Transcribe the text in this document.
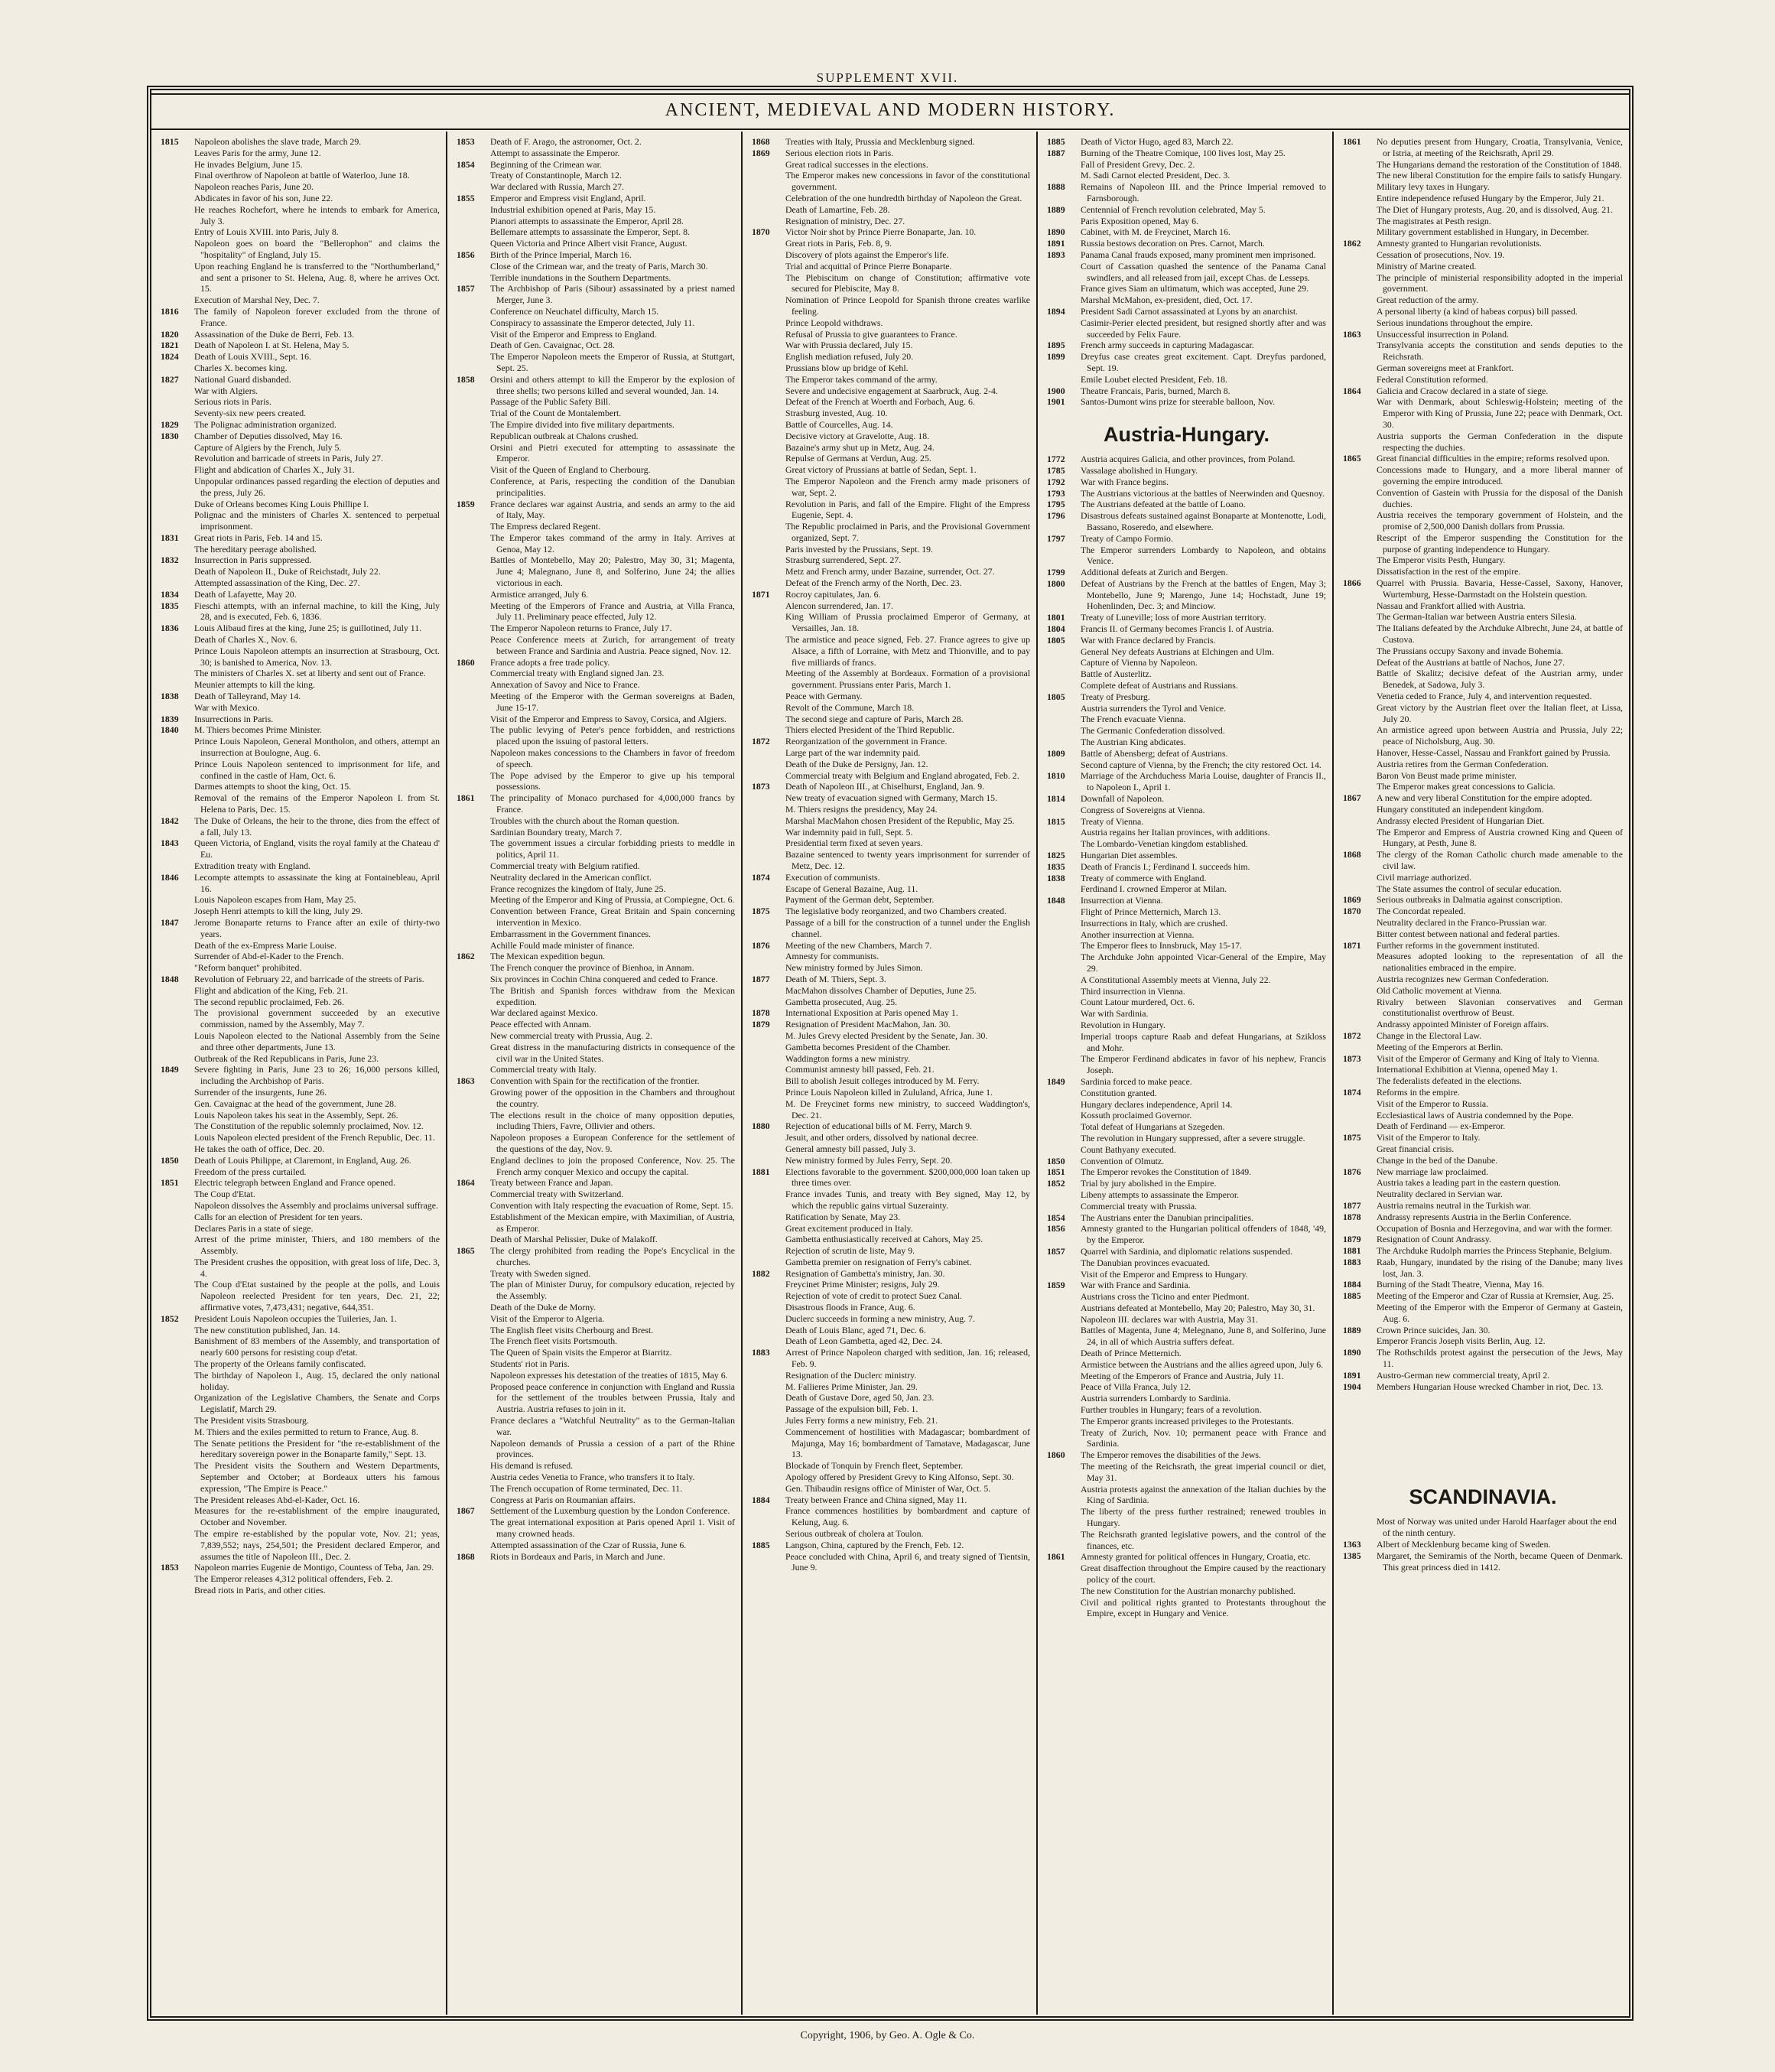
SUPPLEMENT XVII.
ANCIENT, MEDIEVAL AND MODERN HISTORY.
1815 Napoleon abolishes the slave trade, March 29.
Leaves Paris for the army, June 12.
He invades Belgium, June 15.
Final overthrow of Napoleon at battle of Waterloo, June 18.
Napoleon reaches Paris, June 20.
Abdicates in favor of his son, June 22.
He reaches Rochefort, where he intends to embark for America, July 3.
Entry of Louis XVIII. into Paris, July 8.
Napoleon goes on board the "Bellerophon" and claims the "hospitality" of England, July 15.
Upon reaching England he is transferred to the "Northumberland," and sent a prisoner to St. Helena, Aug. 8, where he arrives Oct. 15.
Execution of Marshal Ney, Dec. 7.
1816 The family of Napoleon forever excluded from the throne of France.
1820 Assassination of the Duke de Berri, Feb. 13.
1821 Death of Napoleon I. at St. Helena, May 5.
1824 Death of Louis XVIII., Sept. 16.
Charles X. becomes king.
1827 National Guard disbanded.
War with Algiers.
Serious riots in Paris.
Seventy-six new peers created.
1829 The Polignac administration organized.
1830 Chamber of Deputies dissolved, May 16.
Capture of Algiers by the French, July 5.
Revolution and barricade of streets in Paris, July 27.
Flight and abdication of Charles X., July 31.
Unpopular ordinances passed regarding the election of deputies and the press, July 26.
Duke of Orleans becomes King Louis Phillipe I.
Polignac and the ministers of Charles X. sentenced to perpetual imprisonment.
1831 Great riots in Paris, Feb. 14 and 15.
The hereditary peerage abolished.
1832 Insurrection in Paris suppressed.
Death of Napoleon II., Duke of Reichstadt, July 22.
Attempted assassination of the King, Dec. 27.
1834 Death of Lafayette, May 20.
1835 Fieschi attempts, with an infernal machine, to kill the King, July 28, and is executed, Feb. 6, 1836.
1836 Louis Alibaud fires at the king, June 25; is guillotined, July 11.
Death of Charles X., Nov. 6.
Prince Louis Napoleon attempts an insurrection at Strasbourg, Oct. 30; is banished to America, Nov. 13.
The ministers of Charles X. set at liberty and sent out of France.
Meunier attempts to kill the king.
1838 Death of Talleyrand, May 14.
War with Mexico.
1839 Insurrections in Paris.
1840 M. Thiers becomes Prime Minister.
Prince Louis Napoleon, General Montholon, and others, attempt an insurrection at Boulogne, Aug. 6.
Prince Louis Napoleon sentenced to imprisonment for life, and confined in the castle of Ham, Oct. 6.
Darmes attempts to shoot the king, Oct. 15.
Removal of the remains of the Emperor Napoleon I. from St. Helena to Paris, Dec. 15.
1842 The Duke of Orleans, the heir to the throne, dies from the effect of a fall, July 13.
1843 Queen Victoria, of England, visits the royal family at the Chateau d' Eu.
Extradition treaty with England.
1846 Lecompte attempts to assassinate the king at Fontainebleau, April 16.
Louis Napoleon escapes from Ham, May 25.
Joseph Henri attempts to kill the king, July 29.
1847 Jerome Bonaparte returns to France after an exile of thirty-two years.
Death of the ex-Empress Marie Louise.
Surrender of Abd-el-Kader to the French.
"Reform banquet" prohibited.
1848 Revolution of February 22, and barricade of the streets of Paris.
Flight and abdication of the King, Feb. 21.
The second republic proclaimed, Feb. 26.
The provisional government succeeded by an executive commission, named by the Assembly, May 7.
Louis Napoleon elected to the National Assembly from the Seine and three other departments, June 13.
Outbreak of the Red Republicans in Paris, June 23.
1849 Severe fighting in Paris, June 23 to 26; 16,000 persons killed, including the Archbishop of Paris.
Surrender of the insurgents, June 26.
Gen. Cavaignac at the head of the government, June 28.
Louis Napoleon takes his seat in the Assembly, Sept. 26.
The Constitution of the republic solemnly proclaimed, Nov. 12.
Louis Napoleon elected president of the French Republic, Dec. 11.
He takes the oath of office, Dec. 20.
1850 Death of Louis Philippe, at Claremont, in England, Aug. 26.
Freedom of the press curtailed.
1851 Electric telegraph between England and France opened.
The Coup d'Etat.
Napoleon dissolves the Assembly and proclaims universal suffrage.
Calls for an election of President for ten years.
Declares Paris in a state of siege.
Arrest of the prime minister, Thiers, and 180 members of the Assembly.
The President crushes the opposition, with great loss of life, Dec. 3, 4.
The Coup d'Etat sustained by the people at the polls, and Louis Napoleon reelected President for ten years, Dec. 21, 22; affirmative votes, 7,473,431; negative, 644,351.
1852 President Louis Napoleon occupies the Tuileries, Jan. 1.
The new constitution published, Jan. 14.
Banishment of 83 members of the Assembly, and transportation of nearly 600 persons for resisting coup d'etat.
The property of the Orleans family confiscated.
The birthday of Napoleon I., Aug. 15, declared the only national holiday.
Organization of the Legislative Chambers, the Senate and Corps Legislatif, March 29.
The President visits Strasbourg.
M. Thiers and the exiles permitted to return to France, Aug. 8.
The Senate petitions the President for "the re-establishment of the hereditary sovereign power in the Bonaparte family," Sept. 13.
The President visits the Southern and Western Departments, September and October; at Bordeaux utters his famous expression, "The Empire is Peace."
The President releases Abd-el-Kader, Oct. 16.
Measures for the re-establishment of the empire inaugurated, October and November.
The empire re-established by the popular vote, Nov. 21; yeas, 7,839,552; nays, 254,501; the President declared Emperor, and assumes the title of Napoleon III., Dec. 2.
1853 Napoleon marries Eugenie de Montigo, Countess of Teba, Jan. 29.
The Emperor releases 4,312 political offenders, Feb. 2.
Bread riots in Paris, and other cities.
1853 Death of F. Arago, the astronomer, Oct. 2.
Attempt to assassinate the Emperor.
1854 Beginning of the Crimean war.
Treaty of Constantinople, March 12.
War declared with Russia, March 27.
1855 Emperor and Empress visit England, April.
Industrial exhibition opened at Paris, May 15.
Pianori attempts to assassinate the Emperor, April 28.
Bellemare attempts to assassinate the Emperor, Sept. 8.
Queen Victoria and Prince Albert visit France, August.
1856 Birth of the Prince Imperial, March 16.
Close of the Crimean war, and the treaty of Paris, March 30.
Terrible inundations in the Southern Departments.
1857 The Archbishop of Paris (Sibour) assassinated by a priest named Merger, June 3.
Conference on Neuchatel difficulty, March 15.
Conspiracy to assassinate the Emperor detected, July 11.
Visit of the Emperor and Empress to England.
Death of Gen. Cavaignac, Oct. 28.
The Emperor Napoleon meets the Emperor of Russia, at Stuttgart, Sept. 25.
1858 Orsini and others attempt to kill the Emperor by the explosion of three shells; two persons killed and several wounded, Jan. 14.
Passage of the Public Safety Bill.
Trial of the Count de Montalembert.
The Empire divided into five military departments.
Republican outbreak at Chalons crushed.
Orsini and Pietri executed for attempting to assassinate the Emperor.
Visit of the Queen of England to Cherbourg.
Conference, at Paris, respecting the condition of the Danubian principalities.
1859 France declares war against Austria, and sends an army to the aid of Italy, May.
The Empress declared Regent.
The Emperor takes command of the army in Italy. Arrives at Genoa, May 12.
Battles of Montebello, May 20; Palestro, May 30, 31; Magenta, June 4; Malegnano, June 8, and Solferino, June 24; the allies victorious in each.
Armistice arranged, July 6.
Meeting of the Emperors of France and Austria, at Villa Franca, July 11. Preliminary peace effected, July 12.
The Emperor Napoleon returns to France, July 17.
Peace Conference meets at Zurich, for arrangement of treaty between France and Sardinia and Austria. Peace signed, Nov. 12.
1860 France adopts a free trade policy.
Commercial treaty with England signed Jan. 23.
Annexation of Savoy and Nice to France.
Meeting of the Emperor with the German sovereigns at Baden, June 15-17.
Visit of the Emperor and Empress to Savoy, Corsica, and Algiers.
The public levying of Peter's pence forbidden, and restrictions placed upon the issuing of pastoral letters.
Napoleon makes concessions to the Chambers in favor of freedom of speech.
The Pope advised by the Emperor to give up his temporal possessions.
1861 The principality of Monaco purchased for 4,000,000 francs by France.
Troubles with the church about the Roman question.
Sardinian Boundary treaty, March 7.
The government issues a circular forbidding priests to meddle in politics, April 11.
Commercial treaty with Belgium ratified.
Neutrality declared in the American conflict.
France recognizes the kingdom of Italy, June 25.
Meeting of the Emperor and King of Prussia, at Compiegne, Oct. 6.
Convention between France, Great Britain and Spain concerning intervention in Mexico.
Embarrassment in the Government finances.
Achille Fould made minister of finance.
1862 The Mexican expedition begun.
The French conquer the province of Bienhoa, in Annam.
Six provinces in Cochin China conquered and ceded to France.
The British and Spanish forces withdraw from the Mexican expedition.
War declared against Mexico.
Peace effected with Annam.
New commercial treaty with Prussia, Aug. 2.
Great distress in the manufacturing districts in consequence of the civil war in the United States.
Commercial treaty with Italy.
1863 Convention with Spain for the rectification of the frontier.
Growing power of the opposition in the Chambers and throughout the country.
The elections result in the choice of many opposition deputies, including Thiers, Favre, Ollivier and others.
Napoleon proposes a European Conference for the settlement of the questions of the day, Nov. 9.
England declines to join the proposed Conference, Nov. 25. The French army conquer Mexico and occupy the capital.
1864 Treaty between France and Japan.
Commercial treaty with Switzerland.
Convention with Italy respecting the evacuation of Rome, Sept. 15.
Establishment of the Mexican empire, with Maximilian, of Austria, as Emperor.
Death of Marshal Pelissier, Duke of Malakoff.
1865 The clergy prohibited from reading the Pope's Encyclical in the churches.
Treaty with Sweden signed.
The plan of Minister Duruy, for compulsory education, rejected by the Assembly.
Death of the Duke de Morny.
Visit of the Emperor to Algeria.
The English fleet visits Cherbourg and Brest.
The French fleet visits Portsmouth.
The Queen of Spain visits the Emperor at Biarritz.
Students' riot in Paris.
Napoleon expresses his detestation of the treaties of 1815, May 6.
Proposed peace conference in conjunction with England and Russia for the settlement of the troubles between Prussia, Italy and Austria. Austria refuses to join in it.
France declares a "Watchful Neutrality" as to the German-Italian war.
Napoleon demands of Prussia a cession of a part of the Rhine provinces.
His demand is refused.
Austria cedes Venetia to France, who transfers it to Italy.
The French occupation of Rome terminated, Dec. 11.
Congress at Paris on Roumanian affairs.
1867 Settlement of the Luxemburg question by the London Conference.
The great international exposition at Paris opened April 1. Visit of many crowned heads.
Attempted assassination of the Czar of Russia, June 6.
1868 Riots in Bordeaux and Paris, in March and June.
1868 Treaties with Italy, Prussia and Mecklenburg signed.
1869 Serious election riots in Paris.
Great radical successes in the elections.
The Emperor makes new concessions in favor of the constitutional government.
Celebration of the one hundredth birthday of Napoleon the Great.
Death of Lamartine, Feb. 28.
Resignation of ministry, Dec. 27.
1870 Victor Noir shot by Prince Pierre Bonaparte, Jan. 10.
Great riots in Paris, Feb. 8, 9.
Discovery of plots against the Emperor's life.
Trial and acquittal of Prince Pierre Bonaparte.
The Plebiscitum on change of Constitution; affirmative vote secured for Plebiscite, May 8.
Nomination of Prince Leopold for Spanish throne creates warlike feeling.
Prince Leopold withdraws.
Refusal of Prussia to give guarantees to France.
War with Prussia declared, July 15.
English mediation refused, July 20.
Prussians blow up bridge of Kehl.
The Emperor takes command of the army.
Severe and undecisive engagement at Saarbruck, Aug. 2-4.
Defeat of the French at Woerth and Forbach, Aug. 6.
Strasburg invested, Aug. 10.
Battle of Courcelles, Aug. 14.
Decisive victory at Gravelotte, Aug. 18.
Bazaine's army shut up in Metz, Aug. 24.
Repulse of Germans at Verdun, Aug. 25.
Great victory of Prussians at battle of Sedan, Sept. 1.
The Emperor Napoleon and the French army made prisoners of war, Sept. 2.
Revolution in Paris, and fall of the Empire. Flight of the Empress Eugenie, Sept. 4.
The Republic proclaimed in Paris, and the Provisional Government organized, Sept. 7.
Paris invested by the Prussians, Sept. 19.
Strasburg surrendered, Sept. 27.
Metz and French army, under Bazaine, surrender, Oct. 27.
Defeat of the French army of the North, Dec. 23.
1871 Rocroy capitulates, Jan. 6.
Alencon surrendered, Jan. 17.
King William of Prussia proclaimed Emperor of Germany, at Versailles, Jan. 18.
The armistice and peace signed, Feb. 27. France agrees to give up Alsace, a fifth of Lorraine, with Metz and Thionville, and to pay five milliards of francs.
Meeting of the Assembly at Bordeaux. Formation of a provisional government. Prussians enter Paris, March 1.
Peace with Germany.
Revolt of the Commune, March 18.
The second siege and capture of Paris, March 28.
Thiers elected President of the Third Republic.
1872 Reorganization of the government in France.
Large part of the war indemnity paid.
Death of the Duke de Persigny, Jan. 12.
Commercial treaty with Belgium and England abrogated, Feb. 2.
1873 Death of Napoleon III., at Chiselhurst, England, Jan. 9.
New treaty of evacuation signed with Germany, March 15.
M. Thiers resigns the presidency, May 24.
Marshal MacMahon chosen President of the Republic, May 25.
War indemnity paid in full, Sept. 5.
Presidential term fixed at seven years.
Bazaine sentenced to twenty years imprisonment for surrender of Metz, Dec. 12.
1874 Execution of communists.
Escape of General Bazaine, Aug. 11.
Payment of the German debt, September.
1875 The legislative body reorganized, and two Chambers created.
Passage of a bill for the construction of a tunnel under the English channel.
1876 Meeting of the new Chambers, March 7.
Amnesty for communists.
New ministry formed by Jules Simon.
1877 Death of M. Thiers, Sept. 3.
MacMahon dissolves Chamber of Deputies, June 25.
Gambetta prosecuted, Aug. 25.
1878 International Exposition at Paris opened May 1.
1879 Resignation of President MacMahon, Jan. 30.
M. Jules Grevy elected President by the Senate, Jan. 30.
Gambetta becomes President of the Chamber.
Waddington forms a new ministry.
Communist amnesty bill passed, Feb. 21.
Bill to abolish Jesuit colleges introduced by M. Ferry.
Prince Louis Napoleon killed in Zululand, Africa, June 1.
M. De Freycinet forms new ministry, to succeed Waddington's, Dec. 21.
1880 Rejection of educational bills of M. Ferry, March 9.
Jesuit, and other orders, dissolved by national decree.
General amnesty bill passed, July 3.
New ministry formed by Jules Ferry, Sept. 20.
1881 Elections favorable to the government. $200,000,000 loan taken up three times over.
France invades Tunis, and treaty with Bey signed, May 12, by which the republic gains virtual Suzerainty.
Ratification by Senate, May 23.
Great excitement produced in Italy.
Gambetta enthusiastically received at Cahors, May 25.
Rejection of scrutin de liste, May 9.
Gambetta premier on resignation of Ferry's cabinet.
1882 Resignation of Gambetta's ministry, Jan. 30.
Freycinet Prime Minister; resigns, July 29.
Rejection of vote of credit to protect Suez Canal.
Disastrous floods in France, Aug. 6.
Duclerc succeeds in forming a new ministry, Aug. 7.
Death of Louis Blanc, aged 71, Dec. 6.
Death of Leon Gambetta, aged 42, Dec. 24.
1883 Arrest of Prince Napoleon charged with sedition, Jan. 16; released, Feb. 9.
Resignation of the Duclerc ministry.
M. Fallieres Prime Minister, Jan. 29.
Death of Gustave Dore, aged 50, Jan. 23.
Passage of the expulsion bill, Feb. 1.
Jules Ferry forms a new ministry, Feb. 21.
Commencement of hostilities with Madagascar; bombardment of Majunga, May 16; bombardment of Tamatave, Madagascar, June 13.
Blockade of Tonquin by French fleet, September.
Apology offered by President Grevy to King Alfonso, Sept. 30.
Gen. Thibaudin resigns office of Minister of War, Oct. 5.
1884 Treaty between France and China signed, May 11.
France commences hostilities by bombardment and capture of Kelung, Aug. 6.
Serious outbreak of cholera at Toulon.
1885 Langson, China, captured by the French, Feb. 12.
Peace concluded with China, April 6, and treaty signed of Tientsin, June 9.
1885 Death of Victor Hugo, aged 83, March 22.
1887 Burning of the Theatre Comique, 100 lives lost, May 25.
Fall of President Grevy, Dec. 2.
M. Sadi Carnot elected President, Dec. 3.
1888 Remains of Napoleon III. and the Prince Imperial removed to Farnsborough.
1889 Centennial of French revolution celebrated, May 5.
Paris Exposition opened, May 6.
1890 Cabinet, with M. de Freycinet, March 16.
1891 Russia bestows decoration on Pres. Carnot, March.
1893 Panama Canal frauds exposed, many prominent men imprisoned.
Court of Cassation quashed the sentence of the Panama Canal swindlers, and all released from jail, except Chas. de Lesseps.
France gives Siam an ultimatum, which was accepted, June 29.
Marshal McMahon, ex-president, died, Oct. 17.
1894 President Sadi Carnot assassinated at Lyons by an anarchist.
Casimir-Perier elected president, but resigned shortly after and was succeeded by Felix Faure.
1895 French army succeeds in capturing Madagascar.
1899 Dreyfus case creates great excitement. Capt. Dreyfus pardoned, Sept. 19.
Emile Loubet elected President, Feb. 18.
1900 Theatre Francais, Paris, burned, March 8.
1901 Santos-Dumont wins prize for steerable balloon, Nov.
Austria-Hungary.
1772 Austria acquires Galicia, and other provinces, from Poland.
1785 Vassalage abolished in Hungary.
1792 War with France begins.
1793 The Austrians victorious at the battles of Neerwinden and Quesnoy.
1795 The Austrians defeated at the battle of Loano.
1796 Disastrous defeats sustained against Bonaparte at Montenotte, Lodi, Bassano, Roseredo, and elsewhere.
1797 Treaty of Campo Formio.
The Emperor surrenders Lombardy to Napoleon, and obtains Venice.
1799 Additional defeats at Zurich and Bergen.
1800 Defeat of Austrians by the French at the battles of Engen, May 3; Montebello, June 9; Marengo, June 14; Hochstadt, June 19; Hohenlinden, Dec. 3; and Minciow.
1801 Treaty of Luneville; loss of more Austrian territory.
1804 Francis II. of Germany becomes Francis I. of Austria.
1805 War with France declared by Francis.
General Ney defeats Austrians at Elchingen and Ulm.
Capture of Vienna by Napoleon.
Battle of Austerlitz.
Complete defeat of Austrians and Russians.
1805 Treaty of Presburg.
Austria surrenders the Tyrol and Venice.
The French evacuate Vienna.
The Germanic Confederation dissolved.
The Austrian King abdicates.
1809 Battle of Abensberg; defeat of Austrians.
Second capture of Vienna, by the French; the city restored Oct. 14.
1810 Marriage of the Archduchess Maria Louise, daughter of Francis II., to Napoleon I., April 1.
1814 Downfall of Napoleon.
Congress of Sovereigns at Vienna.
1815 Treaty of Vienna.
Austria regains her Italian provinces, with additions.
The Lombardo-Venetian kingdom established.
1825 Hungarian Diet assembles.
1835 Death of Francis I.; Ferdinand I. succeeds him.
1838 Treaty of commerce with England.
Ferdinand I. crowned Emperor at Milan.
1848 Insurrection at Vienna.
Flight of Prince Metternich, March 13.
Insurrections in Italy, which are crushed.
Another insurrection at Vienna.
The Emperor flees to Innsbruck, May 15-17.
The Archduke John appointed Vicar-General of the Empire, May 29.
A Constitutional Assembly meets at Vienna, July 22.
Third insurrection in Vienna.
Count Latour murdered, Oct. 6.
War with Sardinia.
Revolution in Hungary.
Imperial troops capture Raab and defeat Hungarians, at Szikloss and Mohr.
The Emperor Ferdinand abdicates in favor of his nephew, Francis Joseph.
1849 Sardinia forced to make peace.
Constitution granted.
Hungary declares independence, April 14.
Kossuth proclaimed Governor.
Total defeat of Hungarians at Szegeden.
The revolution in Hungary suppressed, after a severe struggle.
Count Bathyany executed.
1850 Convention of Olmutz.
1851 The Emperor revokes the Constitution of 1849.
1852 Trial by jury abolished in the Empire.
Libeny attempts to assassinate the Emperor.
Commercial treaty with Prussia.
1854 The Austrians enter the Danubian principalities.
1856 Amnesty granted to the Hungarian political offenders of 1848, '49, by the Emperor.
1857 Quarrel with Sardinia, and diplomatic relations suspended.
The Danubian provinces evacuated.
Visit of the Emperor and Empress to Hungary.
1859 War with France and Sardinia.
Austrians cross the Ticino and enter Piedmont.
Austrians defeated at Montebello, May 20; Palestro, May 30, 31.
Napoleon III. declares war with Austria, May 31.
Battles of Magenta, June 4; Melegnano, June 8, and Solferino, June 24, in all of which Austria suffers defeat.
Death of Prince Metternich.
Armistice between the Austrians and the allies agreed upon, July 6.
Meeting of the Emperors of France and Austria, July 11.
Peace of Villa Franca, July 12.
Austria surrenders Lombardy to Sardinia.
Further troubles in Hungary; fears of a revolution.
The Emperor grants increased privileges to the Protestants.
Treaty of Zurich, Nov. 10; permanent peace with France and Sardinia.
1860 The Emperor removes the disabilities of the Jews.
The meeting of the Reichsrath, the great imperial council or diet, May 31.
Austria protests against the annexation of the Italian duchies by the King of Sardinia.
The liberty of the press further restrained; renewed troubles in Hungary.
The Reichsrath granted legislative powers, and the control of the finances, etc.
1861 Amnesty granted for political offences in Hungary, Croatia, etc.
Great disaffection throughout the Empire caused by the reactionary policy of the court.
The new Constitution for the Austrian monarchy published.
Civil and political rights granted to Protestants throughout the Empire, except in Hungary and Venice.
1861 No deputies present from Hungary, Croatia, Transylvania, Venice, or Istria, at meeting of the Reichsrath, April 29.
The Hungarians demand the restoration of the Constitution of 1848.
The new liberal Constitution for the empire fails to satisfy Hungary.
Military levy taxes in Hungary.
Entire independence refused Hungary by the Emperor, July 21.
The Diet of Hungary protests, Aug. 20, and is dissolved, Aug. 21.
The magistrates at Pesth resign.
Military government established in Hungary, in December.
1862 Amnesty granted to Hungarian revolutionists.
Cessation of prosecutions, Nov. 19.
Ministry of Marine created.
The principle of ministerial responsibility adopted in the imperial government.
Great reduction of the army.
A personal liberty (a kind of habeas corpus) bill passed.
Serious inundations throughout the empire.
1863 Unsuccessful insurrection in Poland.
Transylvania accepts the constitution and sends deputies to the Reichsrath.
German sovereigns meet at Frankfort.
Federal Constitution reformed.
1864 Galicia and Cracow declared in a state of siege.
War with Denmark, about Schleswig-Holstein; meeting of the Emperor with King of Prussia, June 22; peace with Denmark, Oct. 30.
Austria supports the German Confederation in the dispute respecting the duchies.
1865 Great financial difficulties in the empire; reforms resolved upon.
Concessions made to Hungary, and a more liberal manner of governing the empire introduced.
Convention of Gastein with Prussia for the disposal of the Danish duchies.
Austria receives the temporary government of Holstein, and the promise of 2,500,000 Danish dollars from Prussia.
Rescript of the Emperor suspending the Constitution for the purpose of granting independence to Hungary.
The Emperor visits Pesth, Hungary.
Dissatisfaction in the rest of the empire.
1866 Quarrel with Prussia. Bavaria, Hesse-Cassel, Saxony, Hanover, Wurtemburg, Hesse-Darmstadt on the Holstein question.
Nassau and Frankfort allied with Austria.
The German-Italian war between Austria enters Silesia.
The Italians defeated by the Archduke Albrecht, June 24, at battle of Custova.
The Prussians occupy Saxony and invade Bohemia.
Defeat of the Austrians at battle of Nachos, June 27.
Battle of Skalitz; decisive defeat of the Austrian army, under Benedek, at Sadowa, July 3.
Venetia ceded to France, July 4, and intervention requested.
Great victory by the Austrian fleet over the Italian fleet, at Lissa, July 20.
An armistice agreed upon between Austria and Prussia, July 22; peace of Nicholsburg, Aug. 30.
Hanover, Hesse-Cassel, Nassau and Frankfort gained by Prussia.
Austria retires from the German Confederation.
Baron Von Beust made prime minister.
The Emperor makes great concessions to Galicia.
1867 A new and very liberal Constitution for the empire adopted.
Hungary constituted an independent kingdom.
Andrassy elected President of Hungarian Diet.
The Emperor and Empress of Austria crowned King and Queen of Hungary, at Pesth, June 8.
1868 The clergy of the Roman Catholic church made amenable to the civil law.
Civil marriage authorized.
The State assumes the control of secular education.
1869 Serious outbreaks in Dalmatia against conscription.
1870 The Concordat repealed.
Neutrality declared in the Franco-Prussian war.
Bitter contest between national and federal parties.
1871 Further reforms in the government instituted.
Measures adopted looking to the representation of all the nationalities embraced in the empire.
Austria recognizes new German Confederation.
Old Catholic movement at Vienna.
Rivalry between Slavonian conservatives and German constitutionalist overthrow of Beust.
Andrassy appointed Minister of Foreign affairs.
1872 Change in the Electoral Law.
Meeting of the Emperors at Berlin.
1873 Visit of the Emperor of Germany and King of Italy to Vienna.
International Exhibition at Vienna, opened May 1.
The federalists defeated in the elections.
1874 Reforms in the empire.
Visit of the Emperor to Russia.
Ecclesiastical laws of Austria condemned by the Pope.
Death of Ferdinand — ex-Emperor.
1875 Visit of the Emperor to Italy.
Great financial crisis.
Change in the bed of the Danube.
1876 New marriage law proclaimed.
Austria takes a leading part in the eastern question.
Neutrality declared in Servian war.
1877 Austria remains neutral in the Turkish war.
1878 Andrassy represents Austria in the Berlin Conference.
Occupation of Bosnia and Herzegovina, and war with the former.
1879 Resignation of Count Andrassy.
1881 The Archduke Rudolph marries the Princess Stephanie, Belgium.
1883 Raab, Hungary, inundated by the rising of the Danube; many lives lost, Jan. 3.
1884 Burning of the Stadt Theatre, Vienna, May 16.
1885 Meeting of the Emperor and Czar of Russia at Kremsier, Aug. 25.
Meeting of the Emperor with the Emperor of Germany at Gastein, Aug. 6.
1889 Crown Prince suicides, Jan. 30.
Emperor Francis Joseph visits Berlin, Aug. 12.
1890 The Rothschilds protest against the persecution of the Jews, May 11.
1891 Austro-German new commercial treaty, April 2.
1904 Members Hungarian House wrecked Chamber in riot, Dec. 13.
SCANDINAVIA.
Most of Norway was united under Harold Haarfager about the end of the ninth century.
1363 Albert of Mecklenburg became king of Sweden.
1385 Margaret, the Semiramis of the North, became Queen of Denmark. This great princess died in 1412.
Copyright, 1906, by Geo. A. Ogle & Co.
